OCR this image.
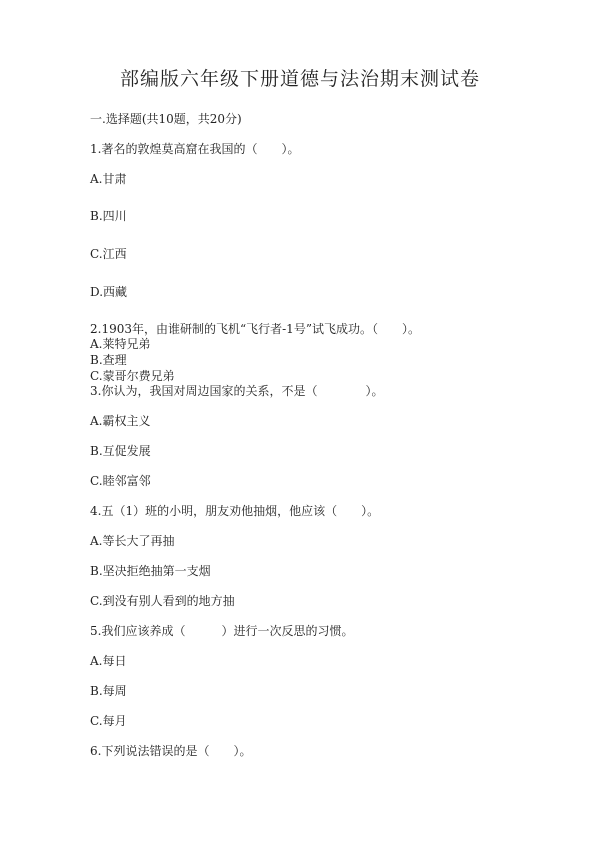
部编版六年级下册道德与法治期末测试卷
一.选择题(共10题，共20分)
1.著名的敦煌莫高窟在我国的（　　）。
A.甘肃
B.四川
C.江西
D.西藏
2.1903年，由谁研制的飞机“飞行者-1号”试飞成功。（　　）。
A.莱特兄弟
B.查理
C.蒙哥尔费兄弟
3.你认为，我国对周边国家的关系，不是（　　　　）。
A.霸权主义
B.互促发展
C.睦邻富邻
4.五（1）班的小明，朋友劝他抽烟，他应该（　　）。
A.等长大了再抽
B.坚决拒绝抽第一支烟
C.到没有别人看到的地方抽
5.我们应该养成（　　　）进行一次反思的习惯。
A.每日
B.每周
C.每月
6.下列说法错误的是（　　）。
